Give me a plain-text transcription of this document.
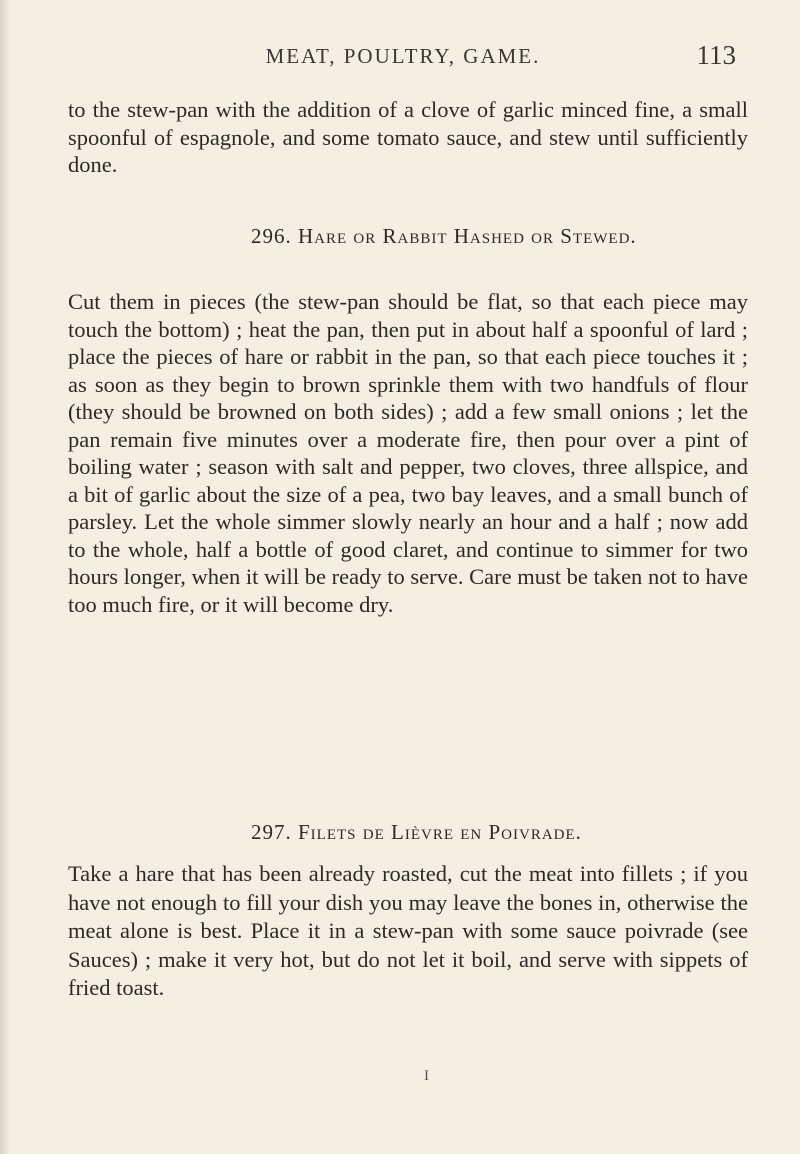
MEAT, POULTRY, GAME.	113

to the stew-pan with the addition of a clove of garlic minced fine, a small spoonful of espagnole, and some tomato sauce, and stew until sufficiently done.

296. Hare or Rabbit Hashed or Stewed.

Cut them in pieces (the stew-pan should be flat, so that each piece may touch the bottom) ; heat the pan, then put in about half a spoonful of lard ; place the pieces of hare or rabbit in the pan, so that each piece touches it ; as soon as they begin to brown sprinkle them with two handfuls of flour (they should be browned on both sides) ; add a few small onions ; let the pan remain five minutes over a moderate fire, then pour over a pint of boiling water ; season with salt and pepper, two cloves, three allspice, and a bit of garlic about the size of a pea, two bay leaves, and a small bunch of parsley. Let the whole simmer slowly nearly an hour and a half ; now add to the whole, half a bottle of good claret, and continue to simmer for two hours longer, when it will be ready to serve. Care must be taken not to have too much fire, or it will become dry.

297. Filets de Lièvre en Poivrade.

Take a hare that has been already roasted, cut the meat into fillets ; if you have not enough to fill your dish you may leave the bones in, otherwise the meat alone is best. Place it in a stew-pan with some sauce poivrade (see Sauces) ; make it very hot, but do not let it boil, and serve with sippets of fried toast.

I
